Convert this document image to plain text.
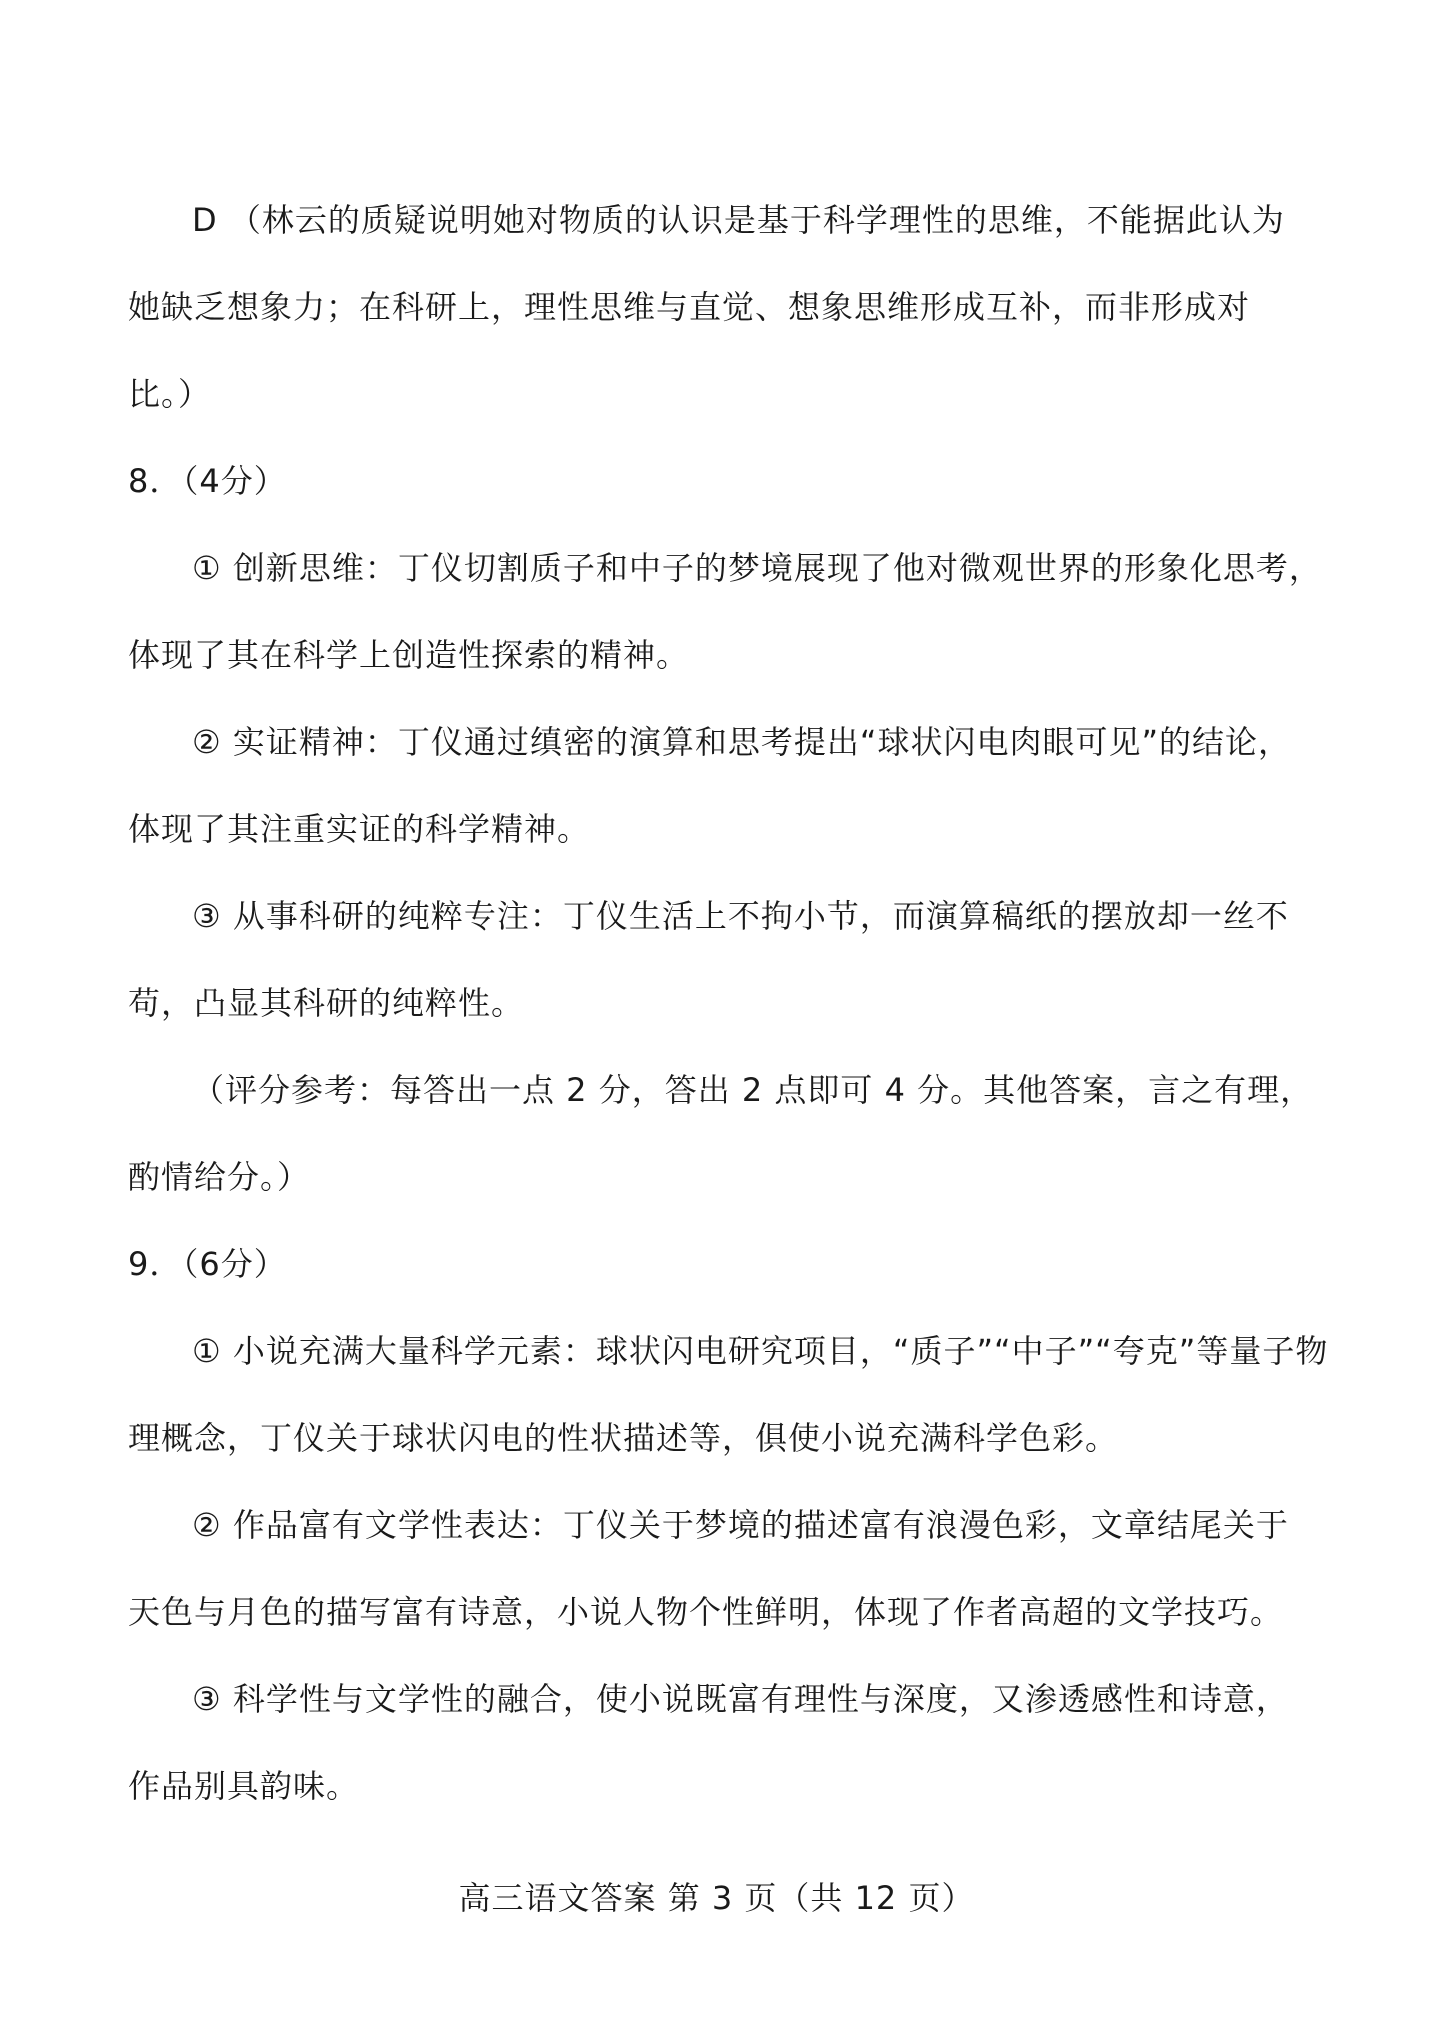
D （林云的质疑说明她对物质的认识是基于科学理性的思维，不能据此认为
她缺乏想象力；在科研上，理性思维与直觉、想象思维形成互补，而非形成对
比。）
8．（4分）
① 创新思维：丁仪切割质子和中子的梦境展现了他对微观世界的形象化思考，
体现了其在科学上创造性探索的精神。
② 实证精神：丁仪通过缜密的演算和思考提出“球状闪电肉眼可见”的结论，
体现了其注重实证的科学精神。
③ 从事科研的纯粹专注：丁仪生活上不拘小节，而演算稿纸的摆放却一丝不
苟，凸显其科研的纯粹性。
（评分参考：每答出一点 2 分，答出 2 点即可 4 分。其他答案，言之有理，
酌情给分。）
9．（6分）
① 小说充满大量科学元素：球状闪电研究项目，“质子”“中子”“夸克”等量子物
理概念，丁仪关于球状闪电的性状描述等，俱使小说充满科学色彩。
② 作品富有文学性表达：丁仪关于梦境的描述富有浪漫色彩，文章结尾关于
天色与月色的描写富有诗意，小说人物个性鲜明，体现了作者高超的文学技巧。
③ 科学性与文学性的融合，使小说既富有理性与深度，又渗透感性和诗意，
作品别具韵味。
高三语文答案 第 3 页（共 12 页）
